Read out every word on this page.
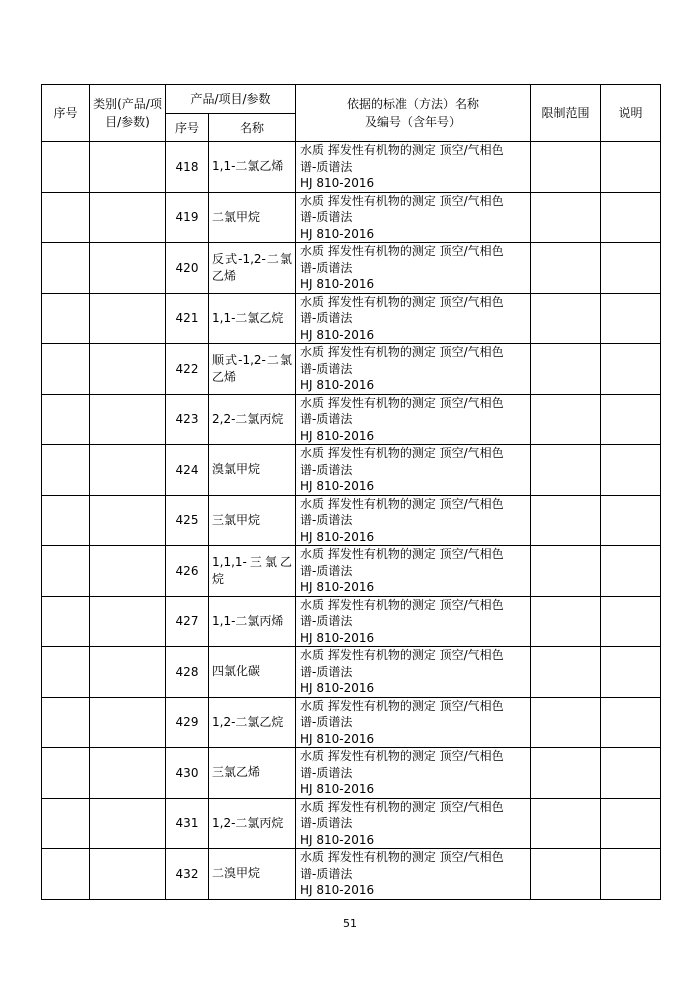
序号	类别(产品/项目/参数)	产品/项目/参数		依据的标准（方法）名称
及编号（含年号）	限制范围	说明
		序号	名称			
		418	1,1-二氯乙烯	水质 挥发性有机物的测定 顶空/气相色
谱-质谱法
HJ 810-2016		

		419	二氯甲烷	水质 挥发性有机物的测定 顶空/气相色
谱-质谱法
HJ 810-2016		

		420	反式-1,2-二氯乙烯	水质 挥发性有机物的测定 顶空/气相色
谱-质谱法
HJ 810-2016		

		421	1,1-二氯乙烷	水质 挥发性有机物的测定 顶空/气相色
谱-质谱法
HJ 810-2016		

		422	顺式-1,2-二氯乙烯	水质 挥发性有机物的测定 顶空/气相色
谱-质谱法
HJ 810-2016		

		423	2,2-二氯丙烷	水质 挥发性有机物的测定 顶空/气相色
谱-质谱法
HJ 810-2016		

		424	溴氯甲烷	水质 挥发性有机物的测定 顶空/气相色
谱-质谱法
HJ 810-2016		

		425	三氯甲烷	水质 挥发性有机物的测定 顶空/气相色
谱-质谱法
HJ 810-2016		

		426	1,1,1-三氯乙烷	水质 挥发性有机物的测定 顶空/气相色
谱-质谱法
HJ 810-2016		

		427	1,1-二氯丙烯	水质 挥发性有机物的测定 顶空/气相色
谱-质谱法
HJ 810-2016		

		428	四氯化碳	水质 挥发性有机物的测定 顶空/气相色
谱-质谱法
HJ 810-2016		

		429	1,2-二氯乙烷	水质 挥发性有机物的测定 顶空/气相色
谱-质谱法
HJ 810-2016		

		430	三氯乙烯	水质 挥发性有机物的测定 顶空/气相色
谱-质谱法
HJ 810-2016		

		431	1,2-二氯丙烷	水质 挥发性有机物的测定 顶空/气相色
谱-质谱法
HJ 810-2016		

		432	二溴甲烷	水质 挥发性有机物的测定 顶空/气相色
谱-质谱法
HJ 810-2016		

51
